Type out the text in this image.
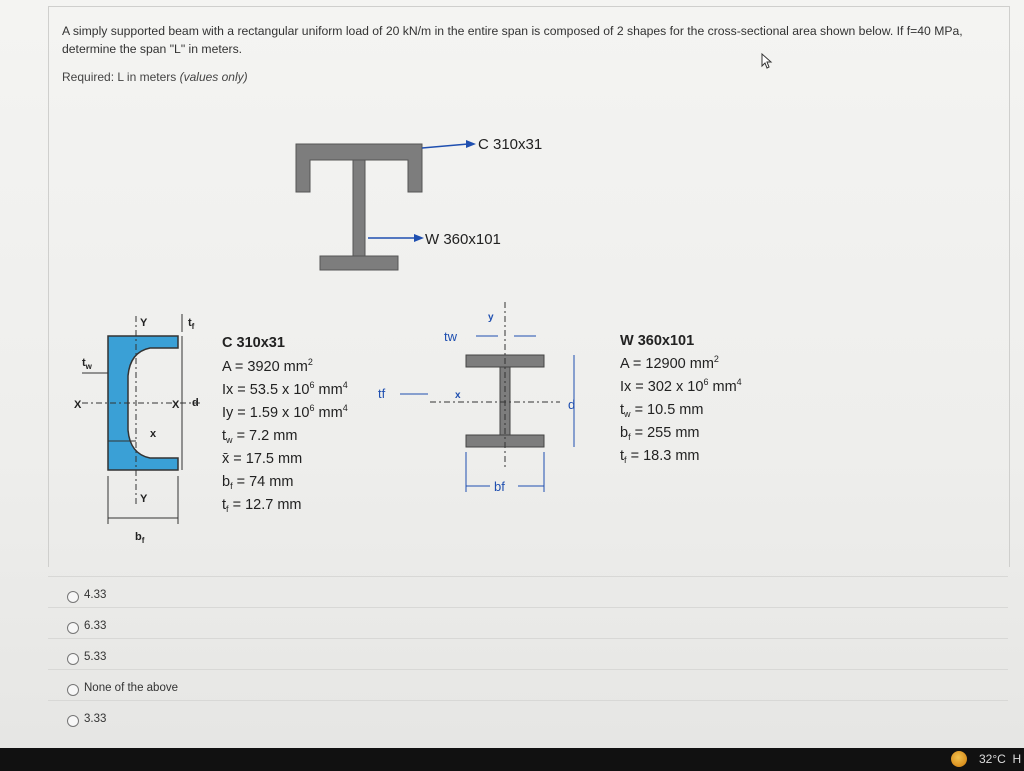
A simply supported beam with a rectangular uniform load of 20 kN/m in the entire span is composed of 2 shapes for the cross-sectional area shown below. If f=40 MPa, determine the span "L" in meters.
Required: L in meters (values only)
C 310x31
W 360x101
Y
Y
X	X
x
d
$b_f$
$t_w$
$t_f$
C 310x31
A = 3920 $mm^2$
Ix = 53.5 x $10^6$ $mm^4$
Iy = 1.59 x $10^6$ $mm^4$
$t_w = 7.2$ mm
x̄ = 17.5 mm
$b_f = 74$ mm
$t_f = 12.7$ mm
y
tw
tf	x
d
bf
W 360x101
A = 12900 $mm^2$
Ix = 302 x $10^6$ $mm^4$
$t_w = 10.5$ mm
$b_f = 255$ mm
$t_f = 18.3$ mm
4.33
6.33
5.33
None of the above
3.33
32°C H
